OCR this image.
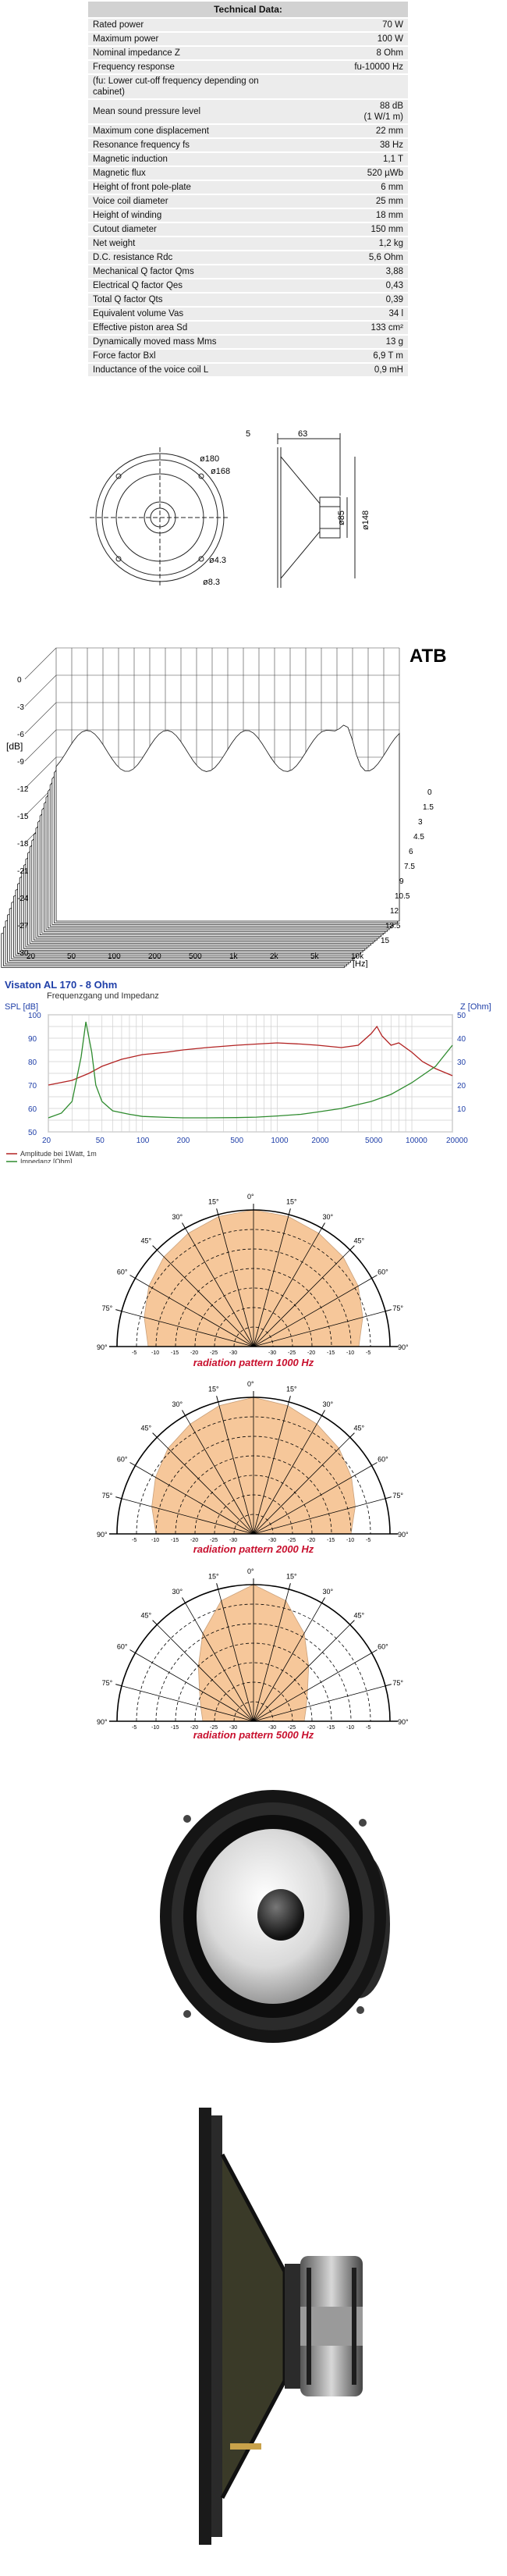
Technical Data:	
Rated power	70 W
Maximum power	100 W
Nominal impedance Z	8 Ohm
Frequency response	fu-10000 Hz
(fu: Lower cut-off frequency depending on cabinet)	
Mean sound pressure level	88 dB
(1 W/1 m)
Maximum cone displacement	22 mm
Resonance frequency fs	38 Hz
Magnetic induction	1,1 T
Magnetic flux	520 µWb
Height of front pole-plate	6 mm
Voice coil diameter	25 mm
Height of winding	18 mm
Cutout diameter	150 mm
Net weight	1,2 kg
D.C. resistance Rdc	5,6 Ohm
Mechanical Q factor Qms	3,88
Electrical Q factor Qes	0,43
Total Q factor Qts	0,39
Equivalent volume Vas	34 l
Effective piston area Sd	133 cm²
Dynamically moved mass Mms	13 g
Force factor Bxl	6,9 T m
Inductance of the voice coil L	0,9 mH
ø180
ø168
ø4.3
ø8.3
5	63
ø85 ø148
ATB
[dB]
0
-3
-6
-9
-12
-15
-18
-21
-24
-27
-30
20	50	100	200	500	1k	2k	5k	10k
0
1.5
3
4.5
6
7.5
9
10.5
12
13.5
15
[Hz]
Visaton AL 170 - 8 Ohm
Frequenzgang und Impedanz
SPL [dB]	Z [Ohm]
20	50	100	200	500	1000	2000	5000	10000 20000
50
60
70
80
90
100
10
20
30
40
50
Amplitude bei 1Watt, 1m
Impedanz [Ohm]
0°
15°
15°
30°
30°
45°
45°
60°
60°
75°
75°
90°
90°
-5
-5	-10
-10	-15
-15	-20
-20	-25
-25	-30
-30
radiation pattern 1000 Hz
0°
15°
15°
30°
30°
45°
45°
60°
60°
75°
75°
90°
90°
-5
-5	-10
-10	-15
-15	-20
-20	-25
-25	-30
-30
radiation pattern 2000 Hz
0°
15°
15°
30°
30°
45°
45°
60°
60°
75°
75°
90°
90°
-5
-5	-10
-10	-15
-15	-20
-20	-25
-25	-30
-30
radiation pattern 5000 Hz
